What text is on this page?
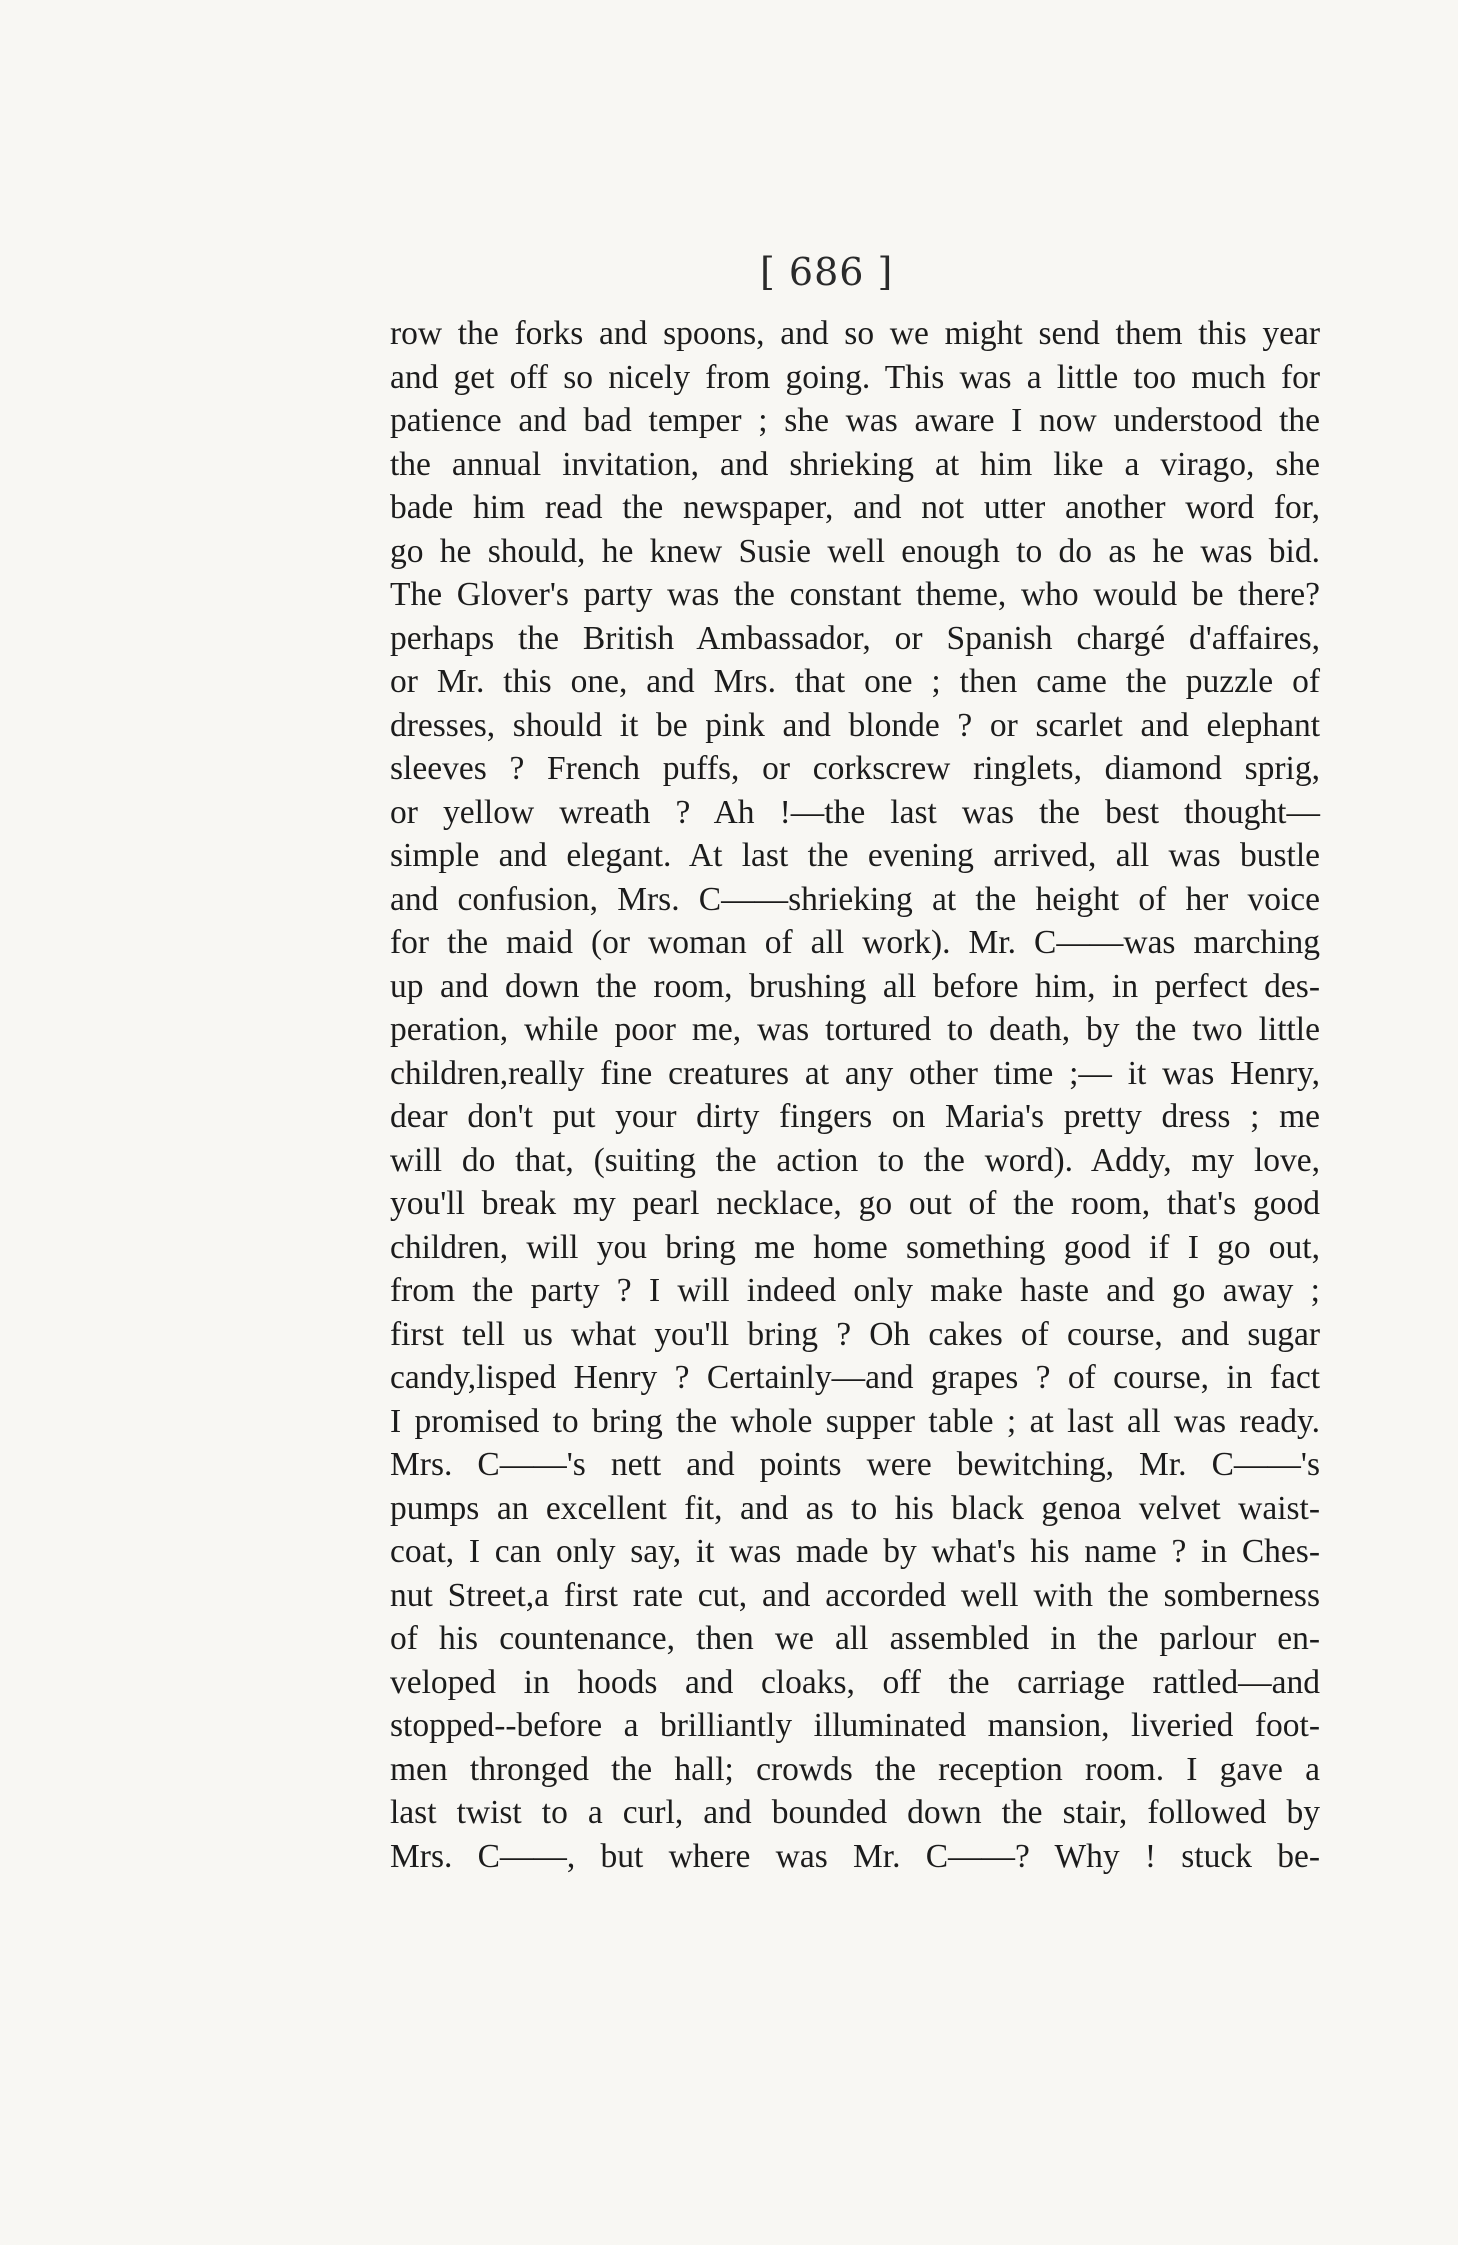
[ 686 ]
row the forks and spoons, and so we might send them this year
and get off so nicely from going. This was a little too much for
patience and bad temper ; she was aware I now understood the
the annual invitation, and shrieking at him like a virago, she
bade him read the newspaper, and not utter another word for,
go he should, he knew Susie well enough to do as he was bid.
The Glover's party was the constant theme, who would be there?
perhaps the British Ambassador, or Spanish chargé d'affaires,
or Mr. this one, and Mrs. that one ; then came the puzzle of
dresses, should it be pink and blonde ? or scarlet and elephant
sleeves ? French puffs, or corkscrew ringlets, diamond sprig,
or yellow wreath ? Ah !—the last was the best thought—
simple and elegant. At last the evening arrived, all was bustle
and confusion, Mrs. C——shrieking at the height of her voice
for the maid (or woman of all work). Mr. C——was marching
up and down the room, brushing all before him, in perfect des-
peration, while poor me, was tortured to death, by the two little
children,really fine creatures at any other time ;— it was Henry,
dear don't put your dirty fingers on Maria's pretty dress ; me
will do that, (suiting the action to the word). Addy, my love,
you'll break my pearl necklace, go out of the room, that's good
children, will you bring me home something good if I go out,
from the party ? I will indeed only make haste and go away ;
first tell us what you'll bring ? Oh cakes of course, and sugar
candy,lisped Henry ? Certainly—and grapes ? of course, in fact
I promised to bring the whole supper table ; at last all was ready.
Mrs. C——'s nett and points were bewitching, Mr. C——'s
pumps an excellent fit, and as to his black genoa velvet waist-
coat, I can only say, it was made by what's his name ? in Ches-
nut Street,a first rate cut, and accorded well with the somberness
of his countenance, then we all assembled in the parlour en-
veloped in hoods and cloaks, off the carriage rattled—and
stopped--before a brilliantly illuminated mansion, liveried foot-
men thronged the hall; crowds the reception room. I gave a
last twist to a curl, and bounded down the stair, followed by
Mrs. C——, but where was Mr. C——? Why ! stuck be-
